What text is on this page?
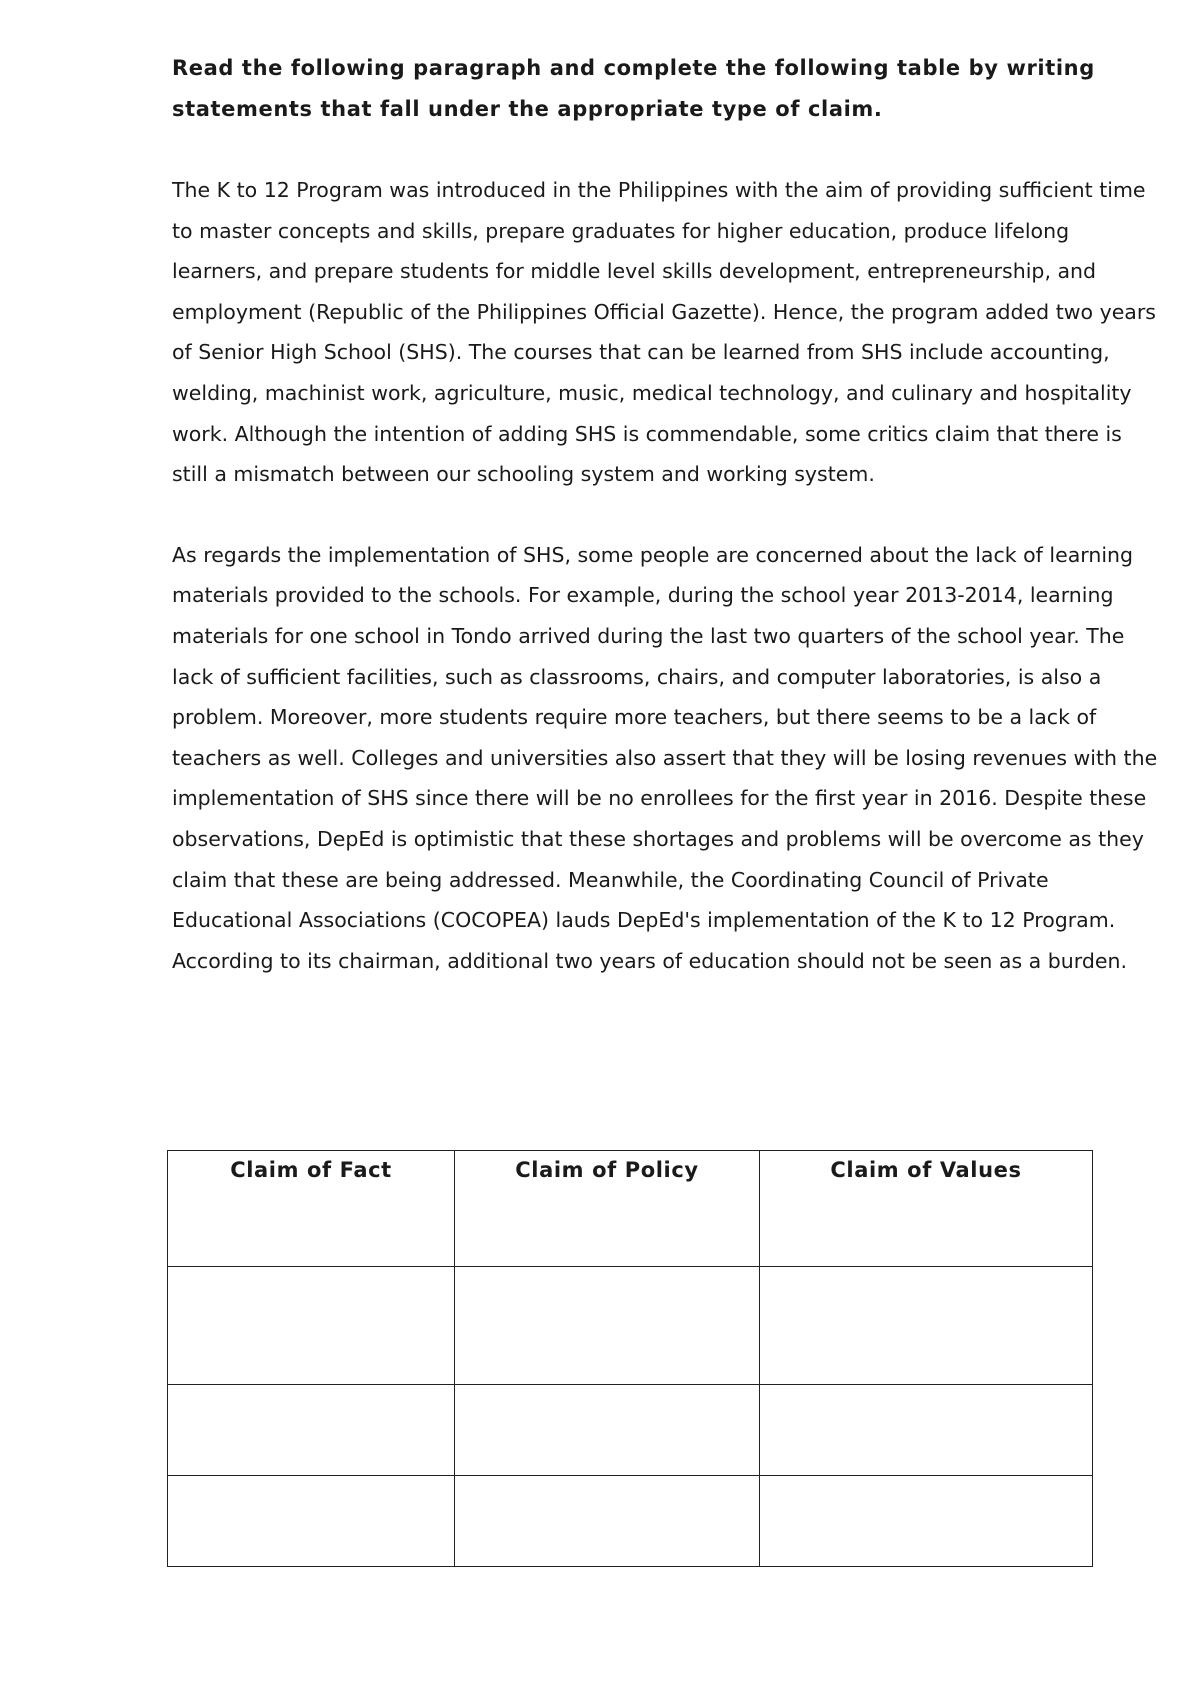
Read the following paragraph and complete the following table by writing statements that fall under the appropriate type of claim.

The K to 12 Program was introduced in the Philippines with the aim of providing sufficient time to master concepts and skills, prepare graduates for higher education, produce lifelong learners, and prepare students for middle level skills development, entrepreneurship, and employment (Republic of the Philippines Official Gazette). Hence, the program added two years of Senior High School (SHS). The courses that can be learned from SHS include accounting, welding, machinist work, agriculture, music, medical technology, and culinary and hospitality work. Although the intention of adding SHS is commendable, some critics claim that there is still a mismatch between our schooling system and working system.

As regards the implementation of SHS, some people are concerned about the lack of learning materials provided to the schools. For example, during the school year 2013-2014, learning materials for one school in Tondo arrived during the last two quarters of the school year. The lack of sufficient facilities, such as classrooms, chairs, and computer laboratories, is also a problem. Moreover, more students require more teachers, but there seems to be a lack of teachers as well. Colleges and universities also assert that they will be losing revenues with the implementation of SHS since there will be no enrollees for the first year in 2016. Despite these observations, DepEd is optimistic that these shortages and problems will be overcome as they claim that these are being addressed. Meanwhile, the Coordinating Council of Private Educational Associations (COCOPEA) lauds DepEd's implementation of the K to 12 Program. According to its chairman, additional two years of education should not be seen as a burden.

Claim of Fact	Claim of Policy	Claim of Values
